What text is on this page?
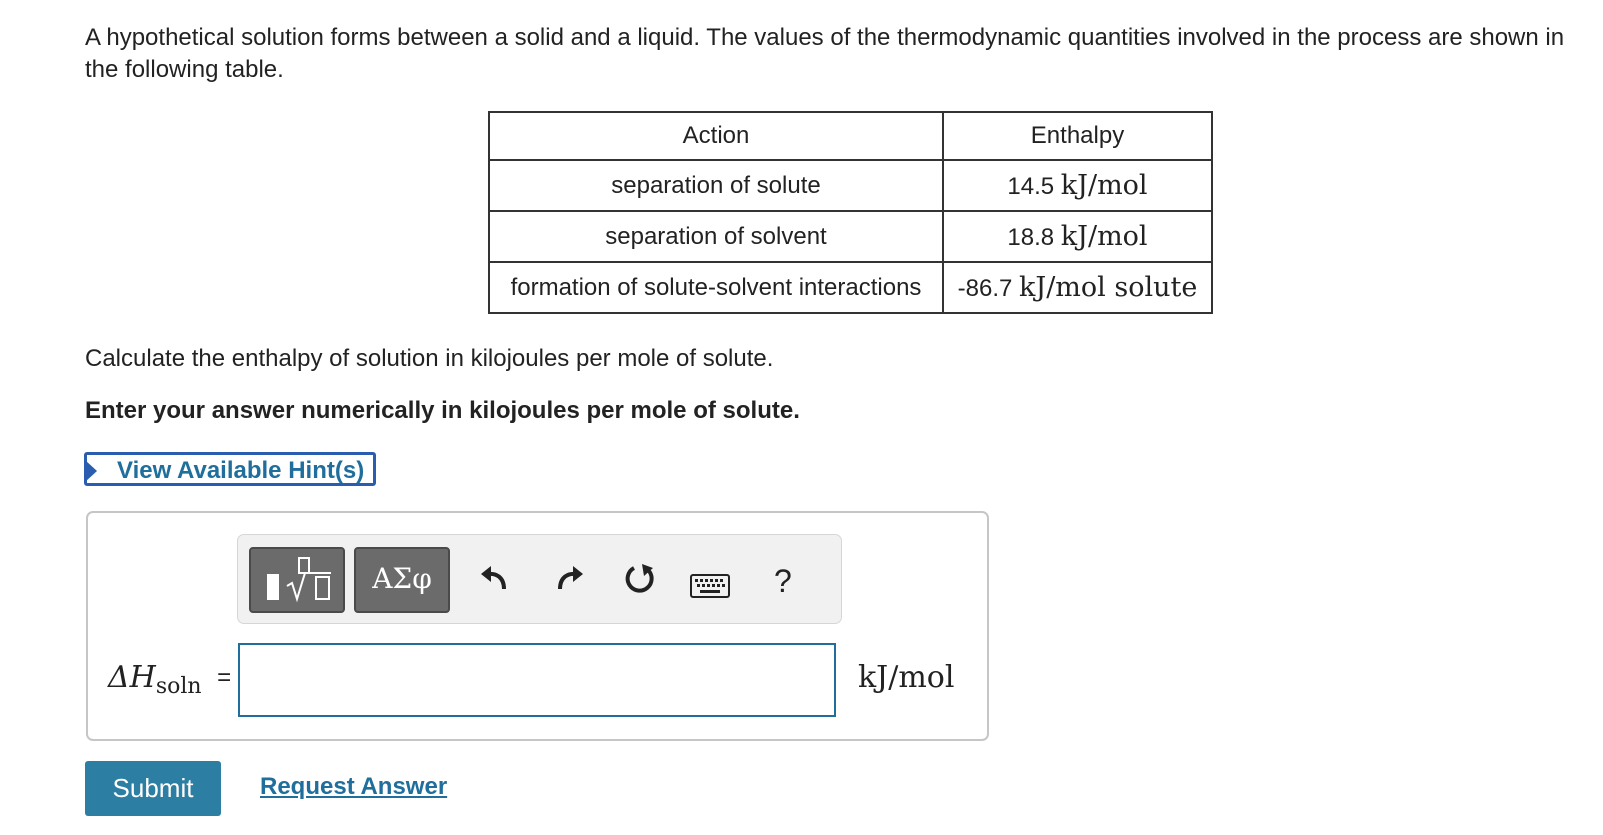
A hypothetical solution forms between a solid and a liquid. The values of the thermodynamic quantities involved in the process are shown in the following table.
Action	Enthalpy
separation of solute	14.5 kJ/mol
separation of solvent	18.8 kJ/mol
formation of solute-solvent interactions	-86.7 kJ/mol solute
Calculate the enthalpy of solution in kilojoules per mole of solute.
Enter your answer numerically in kilojoules per mole of solute.
View Available Hint(s)
ΑΣφ	?
$\Delta H_{soln}$ =	kJ/mol
Submit	Request Answer
